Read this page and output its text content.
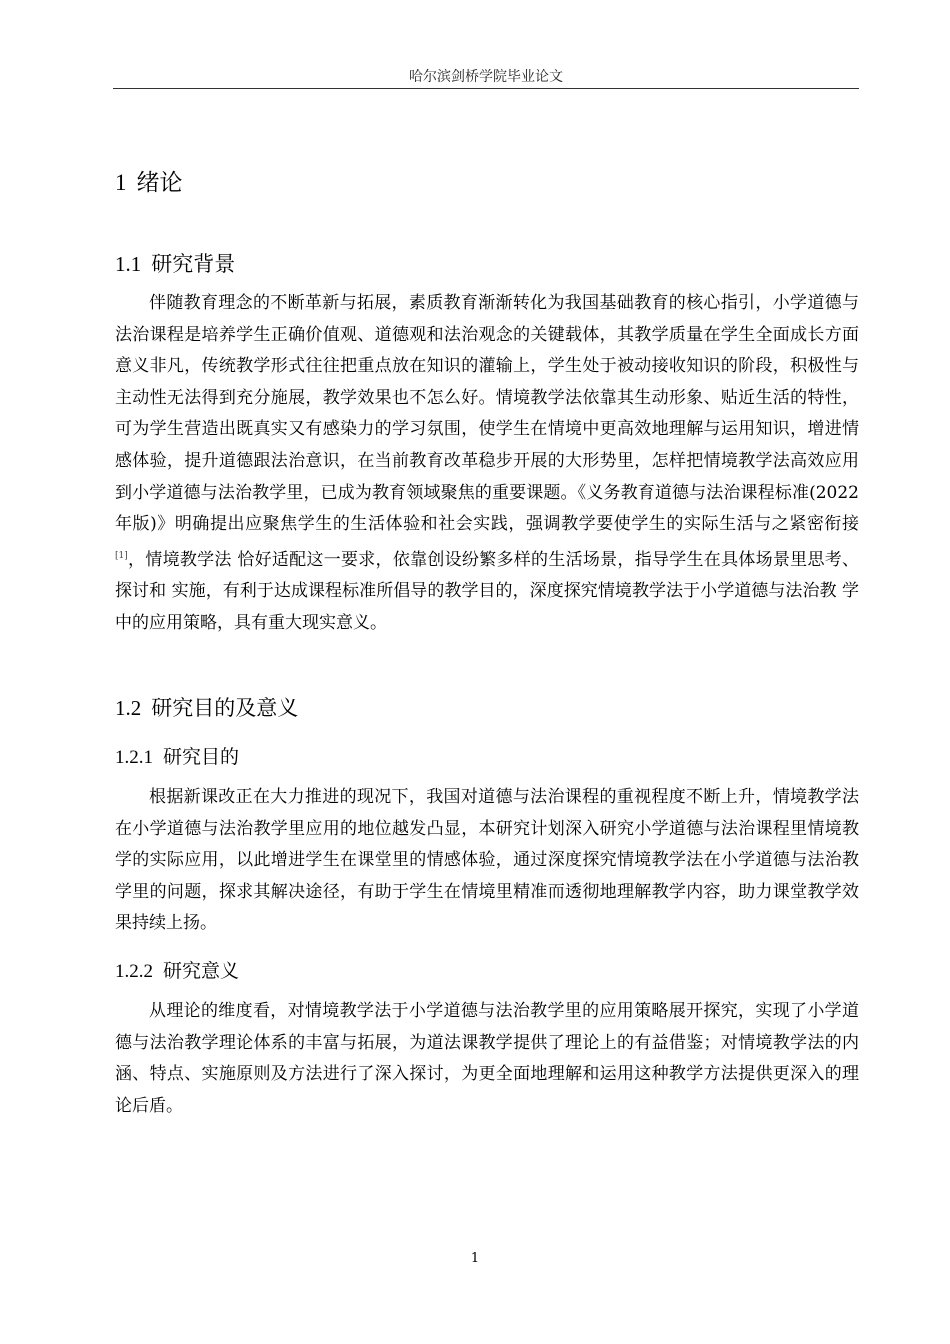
哈尔滨剑桥学院毕业论文
1 绪论
1.1 研究背景

伴随教育理念的不断革新与拓展，素质教育渐渐转化为我国基础教育的核心指引，小学道德与法治课程是培养学生正确价值观、道德观和法治观念的关键载体，其教学质量在学生全面成长方面意义非凡，传统教学形式往往把重点放在知识的灌输上，学生处于被动接收知识的阶段，积极性与主动性无法得到充分施展，教学效果也不怎么好。情境教学法依靠其生动形象、贴近生活的特性，可为学生营造出既真实又有感染力的学习氛围，使学生在情境中更高效地理解与运用知识，增进情感体验，提升道德跟法治意识，在当前教育改革稳步开展的大形势里，怎样把情境教学法高效应用到小学道德与法治教学里，已成为教育领域聚焦的重要课题。《义务教育道德与法治课程标准(2022年版)》明确提出应聚焦学生的生活体验和社会实践，强调教学要使学生的实际生活与之紧密衔接[1]，情境教学法 恰好适配这一要求，依靠创设纷繁多样的生活场景，指导学生在具体场景里思考、探讨和 实施，有利于达成课程标准所倡导的教学目的，深度探究情境教学法于小学道德与法治教 学中的应用策略，具有重大现实意义。

1.2 研究目的及意义
1.2.1 研究目的

根据新课改正在大力推进的现况下，我国对道德与法治课程的重视程度不断上升，情境教学法在小学道德与法治教学里应用的地位越发凸显，本研究计划深入研究小学道德与法治课程里情境教学的实际应用，以此增进学生在课堂里的情感体验，通过深度探究情境教学法在小学道德与法治教学里的问题，探求其解决途径，有助于学生在情境里精准而透彻地理解教学内容，助力课堂教学效果持续上扬。

1.2.2 研究意义

从理论的维度看，对情境教学法于小学道德与法治教学里的应用策略展开探究，实现了小学道德与法治教学理论体系的丰富与拓展，为道法课教学提供了理论上的有益借鉴；对情境教学法的内涵、特点、实施原则及方法进行了深入探讨，为更全面地理解和运用这种教学方法提供更深入的理论后盾。

1
